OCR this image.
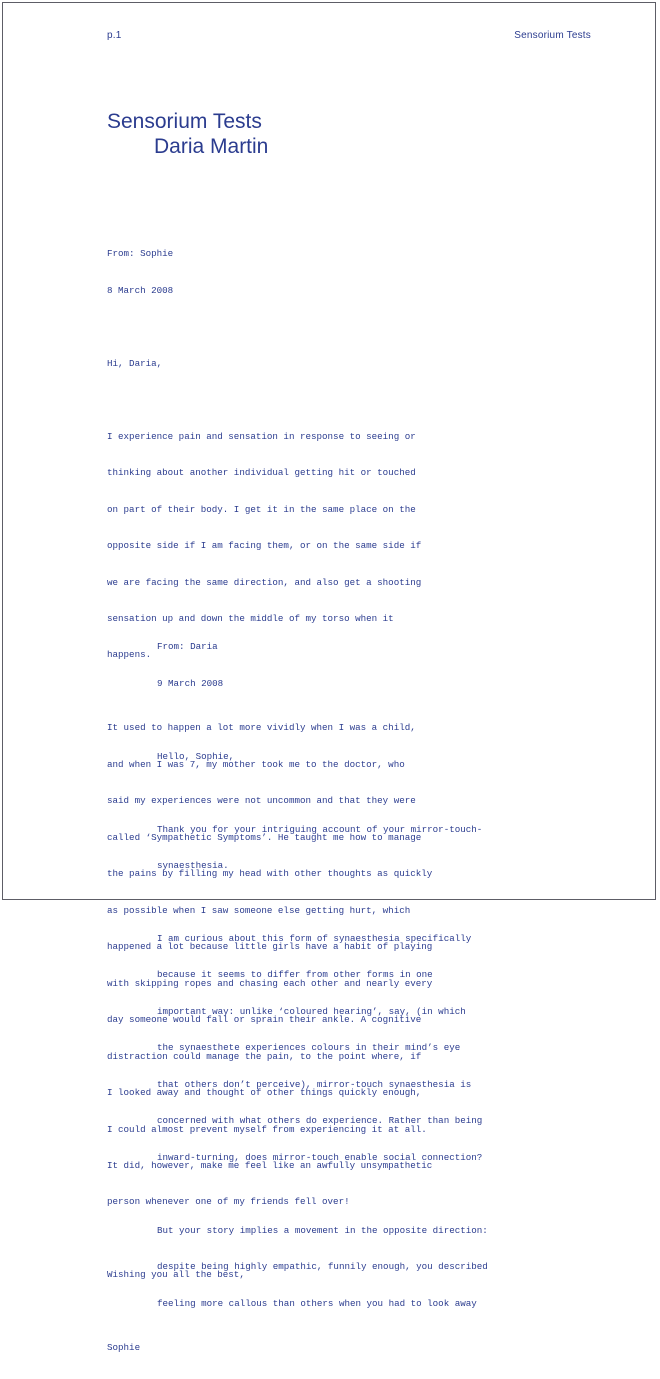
p.1	Sensorium Tests
Sensorium Tests
Daria Martin

From: Sophie

8 March 2008

Hi, Daria,

I experience pain and sensation in response to seeing or

thinking about another individual getting hit or touched

on part of their body. I get it in the same place on the

opposite side if I am facing them, or on the same side if

we are facing the same direction, and also get a shooting

sensation up and down the middle of my torso when it

happens.

It used to happen a lot more vividly when I was a child,

and when I was 7, my mother took me to the doctor, who

said my experiences were not uncommon and that they were

called ‘Sympathetic Symptoms’. He taught me how to manage

the pains by filling my head with other thoughts as quickly

as possible when I saw someone else getting hurt, which

happened a lot because little girls have a habit of playing

with skipping ropes and chasing each other and nearly every

day someone would fall or sprain their ankle. A cognitive

distraction could manage the pain, to the point where, if

I looked away and thought of other things quickly enough,

I could almost prevent myself from experiencing it at all.

It did, however, make me feel like an awfully unsympathetic

person whenever one of my friends fell over!

Wishing you all the best,

Sophie

From: Daria

9 March 2008

Hello, Sophie,

Thank you for your intriguing account of your mirror-touch-

synaesthesia.

I am curious about this form of synaesthesia specifically

because it seems to differ from other forms in one

important way: unlike ‘coloured hearing’, say, (in which

the synaesthete experiences colours in their mind’s eye

that others don’t perceive), mirror-touch synaesthesia is

concerned with what others do experience. Rather than being

inward-turning, does mirror-touch enable social connection?

But your story implies a movement in the opposite direction:

despite being highly empathic, funnily enough, you described

feeling more callous than others when you had to look away
